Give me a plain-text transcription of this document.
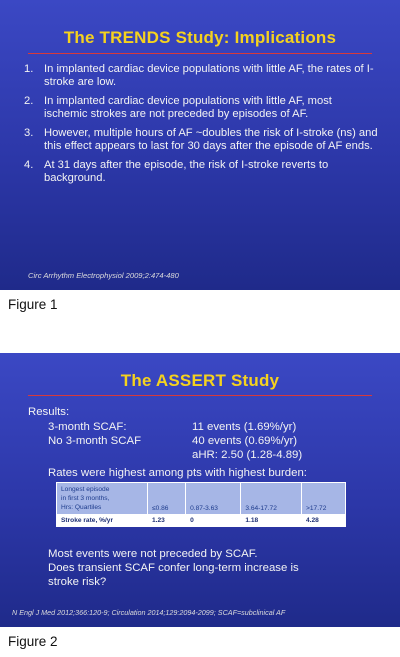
The TRENDS Study: Implications
1. In implanted cardiac device populations with little AF, the rates of I-stroke are low.
2. In implanted cardiac device populations with little AF, most ischemic strokes are not preceded by episodes of AF.
3. However, multiple hours of AF ~doubles the risk of I-stroke (ns) and this effect appears to last for 30 days after the episode of AF ends.
4. At 31 days after the episode, the risk of I-stroke reverts to background.
Circ Arrhythm Electrophysiol 2009;2:474-480
Figure 1
The ASSERT Study
Results:
3-month SCAF:	11 events (1.69%/yr)
No 3-month SCAF	40 events (0.69%/yr)
aHR: 2.50 (1.28-4.89)
Rates were highest among pts with highest burden:
Longest episode
in first 3 months,
Hrs: Quartiles	≤0.86	0.87-3.63	3.64-17.72	>17.72
Stroke rate, %/yr	1.23	0	1.18	4.28
Most events were not preceded by SCAF.
Does transient SCAF confer long-term increase is
stroke risk?
N Engl J Med 2012;366:120-9; Circulation 2014;129:2094-2099; SCAF=subclinical AF
Figure 2
